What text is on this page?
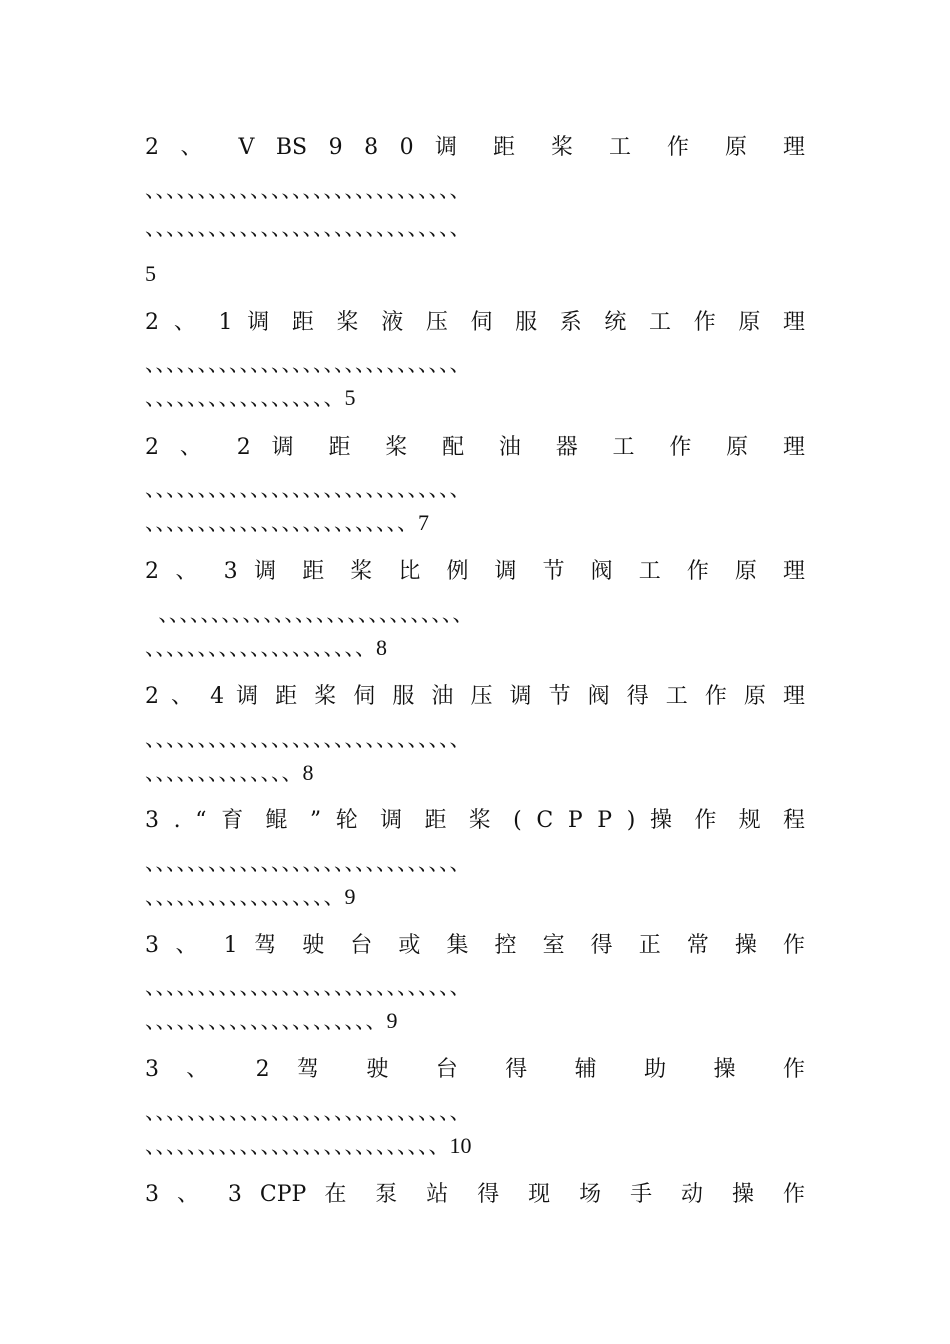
2 、 V BS 9 8 0 调 距 桨 工 作 原 理
、、、、、、、、、、、、、、、、、、、、、、、、、、、、、、
、、、、、、、、、、、、、、、、、、、、、、、、、、、、、、
5
2 、 1 调 距 桨 液 压 伺 服 系 统 工 作 原 理
、、、、、、、、、、、、、、、、、、、、、、、、、、、、、、
、、、、、、、、、、、、、、、、、、5
2 、 2 调 距 桨 配 油 器 工 作 原 理
、、、、、、、、、、、、、、、、、、、、、、、、、、、、、、
、、、、、、、、、、、、、、、、、、、、、、、、、7
2 、 3 调 距 桨 比 例 调 节 阀 工 作 原 理
、、、、、、、、、、、、、、、、、、、、、、、、、、、、、
、、、、、、、、、、、、、、、、、、、、、8
2 、 4 调 距 桨 伺 服 油 压 调 节 阀 得 工 作 原 理
、、、、、、、、、、、、、、、、、、、、、、、、、、、、、、
、、、、、、、、、、、、、、8
3 . “ 育 鲲 ” 轮 调 距 桨 ( C P P ) 操 作 规 程
、、、、、、、、、、、、、、、、、、、、、、、、、、、、、、
、、、、、、、、、、、、、、、、、、9
3 、 1 驾 驶 台 或 集 控 室 得 正 常 操 作
、、、、、、、、、、、、、、、、、、、、、、、、、、、、、、
、、、、、、、、、、、、、、、、、、、、、、9
3 、 2 驾 驶 台 得 辅 助 操 作
、、、、、、、、、、、、、、、、、、、、、、、、、、、、、、
、、、、、、、、、、、、、、、、、、、、、、、、、、、、10
3 、 3 CPP 在 泵 站 得 现 场 手 动 操 作
